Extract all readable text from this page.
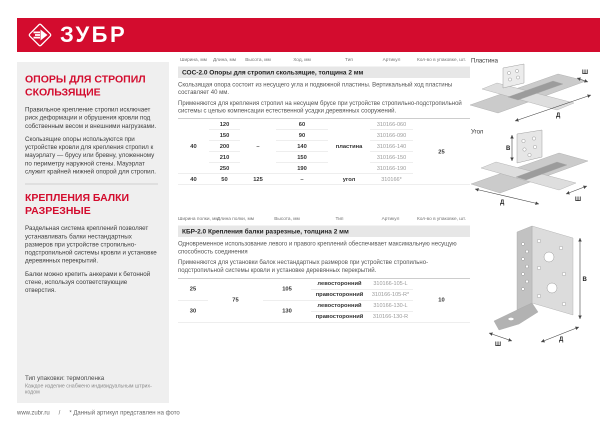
ЗУБР
ОПОРЫ ДЛЯ СТРОПИЛ СКОЛЬЗЯЩИЕ

Правильное крепление стропил исключает риск деформации и обрушения кровли под собственным весом и внешними нагрузками.

Скользящие опоры используются при устройстве кровли для крепления стропил к мауэрлату — брусу или бревну, уложенному по периметру наружной стены. Мауэрлат служит крайней нижней опорой для стропил.

КРЕПЛЕНИЯ БАЛКИ РАЗРЕЗНЫЕ

Раздельная система креплений позволяет устанавливать балки нестандартных размеров при устройстве стропильно-подстропильной системы кровли и установке деревянных перекрытий.

Балки можно крепить анкерами к бетонной стене, используя соответствующие отверстия.

Тип упаковки: термопленка
Каждое изделие снабжено индивидуальным штрих-кодом
Ширина, мм Длина, мм Высота, мм	Ход, мм	Тип	Артикул	Кол-во в упаковке, шт.
СОС-2.0 Опоры для стропил скользящие, толщина 2 мм

Скользящая опора состоит из несущего угла и подвижной пластины. Вертикальный ход пластины составляет 40 мм.

Применяются для крепления стропил на несущем брусе при устройстве стропильно-подстропильной системы с целью компенсации естественной усадки деревянных сооружений.

40	120	–	60	пластина	310166-060	25
	150		90		310166-090	
	200		140		310166-140	
	210		150		310166-150	
	250		190		310166-190	
40	50	125	–	угол	310166*	
Ширина полки, мм
Длина полки, мм	Высота, мм	Тип	Артикул	Кол-во в упаковке, шт.
КБР-2.0 Крепления балки разрезные, толщина 2 мм

Одновременное использование левого и правого креплений обеспечивает максимальную несущую способность соединения

Применяются для установки балок нестандартных размеров при устройстве стропильно-подстропильной системы кровли и установке деревянных перекрытий.

25	75	105	левосторонний	310166-105-L	10
			правосторонний	310166-105-R*	
30		130	левосторонний	310166-130-L	
			правосторонний	310166-130-R	
Пластина
Ш
Д
Угол
В
Д	Ш
В
Д
Ш
www.zubr.ru / * Данный артикул представлен на фото
